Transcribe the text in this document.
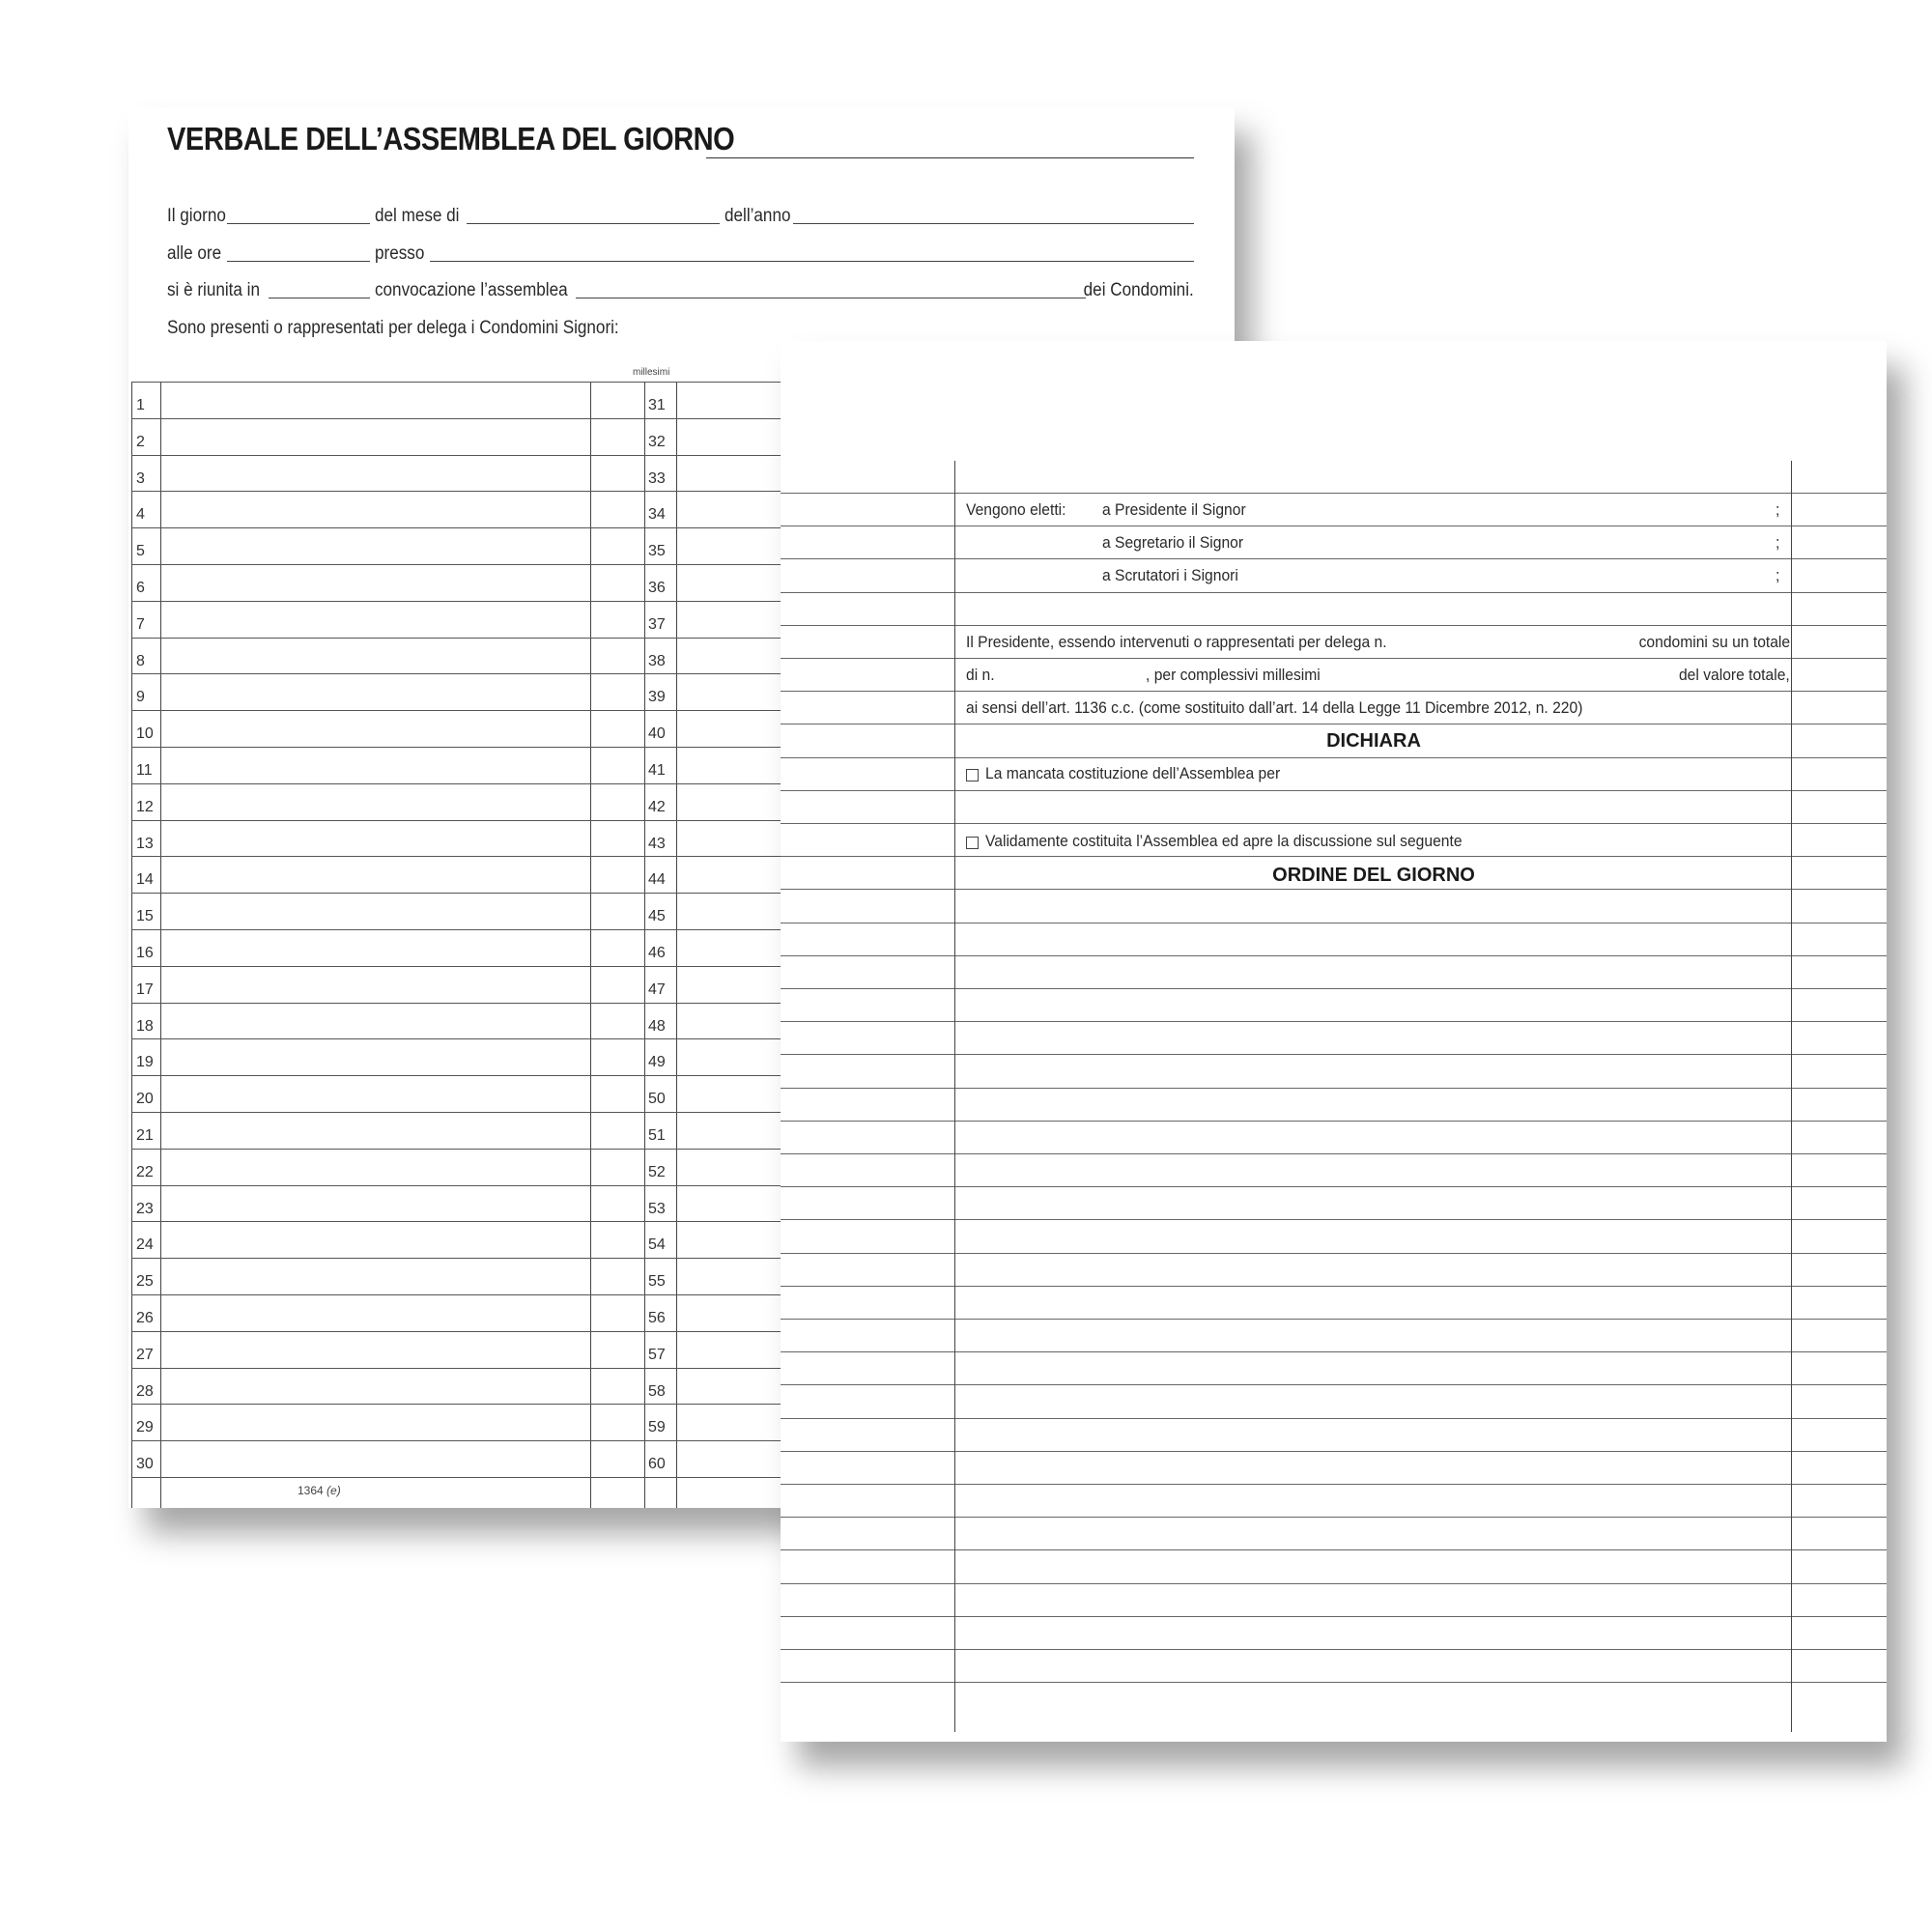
VERBALE DELL’ASSEMBLEA DEL GIORNO
Il giorno	del mese di	dell’anno
alle ore	presso
si è riunita in	convocazione l’assemblea	dei Condomini.
Sono presenti o rappresentati per delega i Condomini Signori:
millesimi
1	31
2	32
3	33
4	34
5	35
6	36
7	37
8	38
9	39
10	40
11	41
12	42
13	43
14	44
15	45
16	46
17	47
18	48
19	49
20	50
21	51
22	52
23	53
24	54
25	55
26	56
27	57
28	58
29	59
30	60
1364 (e)
Vengono eletti: a Presidente il Signor	;
a Segretario il Signor	;
a Scrutatori i Signori	;
Il Presidente, essendo intervenuti o rappresentati per delega n.	condomini su un totale
di n.	, per complessivi millesimi	del valore totale,
ai sensi dell’art. 1136 c.c. (come sostituito dall’art. 14 della Legge 11 Dicembre 2012, n. 220)
DICHIARA
La mancata costituzione dell’Assemblea per
Validamente costituita l’Assemblea ed apre la discussione sul seguente
ORDINE DEL GIORNO
